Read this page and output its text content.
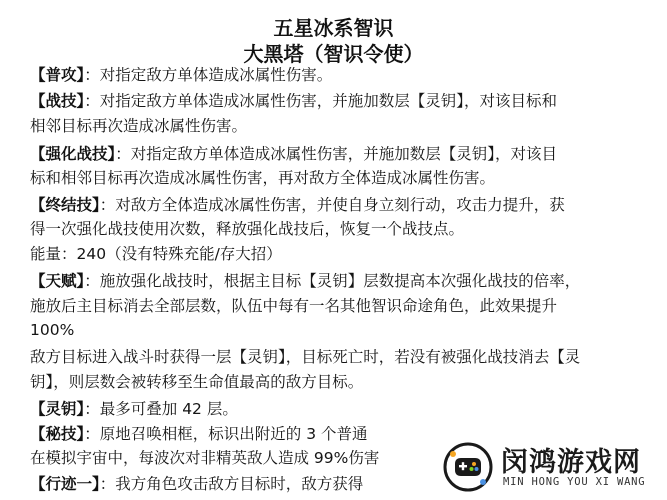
五星冰系智识
大黑塔（智识令使）
【普攻】：对指定敌方单体造成冰属性伤害。
【战技】：对指定敌方单体造成冰属性伤害，并施加数层【灵钥】，对该目标和
相邻目标再次造成冰属性伤害。
【强化战技】：对指定敌方单体造成冰属性伤害，并施加数层【灵钥】，对该目
标和相邻目标再次造成冰属性伤害，再对敌方全体造成冰属性伤害。
【终结技】：对敌方全体造成冰属性伤害，并使自身立刻行动，攻击力提升，获
得一次强化战技使用次数，释放强化战技后，恢复一个战技点。
能量：240（没有特殊充能/存大招）
【天赋】：施放强化战技时，根据主目标【灵钥】层数提高本次强化战技的倍率，
施放后主目标消去全部层数，队伍中每有一名其他智识命途角色，此效果提升
100%
敌方目标进入战斗时获得一层【灵钥】，目标死亡时，若没有被强化战技消去【灵
钥】，则层数会被转移至生命值最高的敌方目标。
【灵钥】：最多可叠加 42 层。
【秘技】：原地召唤相框，标识出附近的 3 个普通
在模拟宇宙中，每波次对非精英敌人造成 99%伤害
【行迹一】：我方角色攻击敌方目标时，敌方获得
闵鸿游戏网
MIN HONG YOU XI WANG
